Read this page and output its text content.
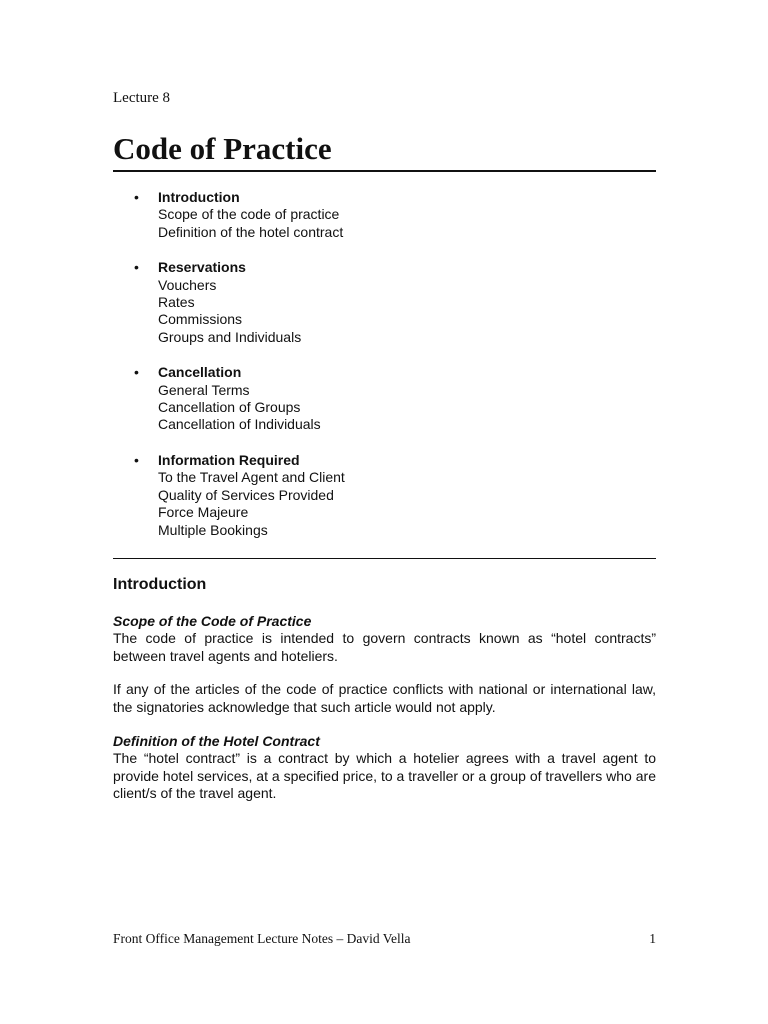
Lecture 8

Code of Practice
• Introduction
Scope of the code of practice
Definition of the hotel contract
• Reservations
Vouchers
Rates
Commissions
Groups and Individuals
• Cancellation
General Terms
Cancellation of Groups
Cancellation of Individuals
• Information Required
To the Travel Agent and Client
Quality of Services Provided
Force Majeure
Multiple Bookings
Introduction

Scope of the Code of Practice

The code of practice is intended to govern contracts known as “hotel contracts” between travel agents and hoteliers.

If any of the articles of the code of practice conflicts with national or international law, the signatories acknowledge that such article would not apply.

Definition of the Hotel Contract

The “hotel contract” is a contract by which a hotelier agrees with a travel agent to provide hotel services, at a specified price, to a traveller or a group of travellers who are client/s of the travel agent.

Front Office Management Lecture Notes – David Vella	1
